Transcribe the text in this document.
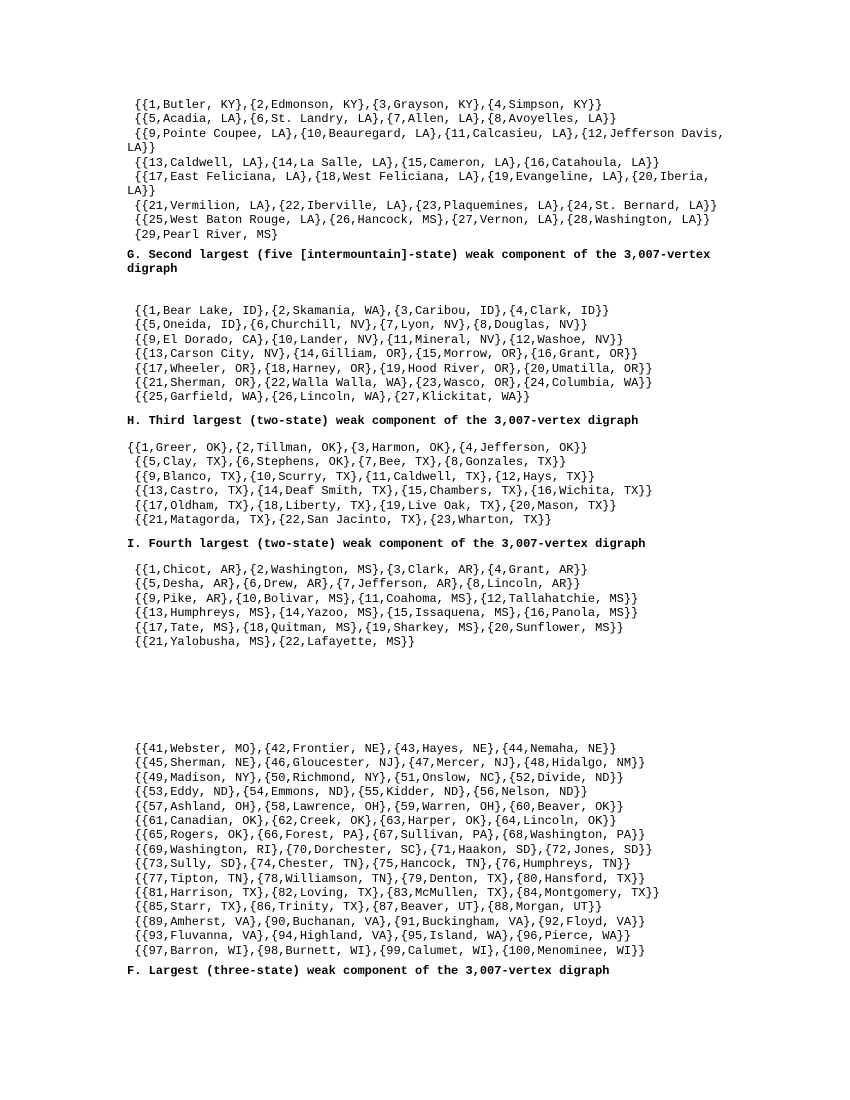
{{1,Butler, KY},{2,Edmonson, KY},{3,Grayson, KY},{4,Simpson, KY}}
{{5,Acadia, LA},{6,St. Landry, LA},{7,Allen, LA},{8,Avoyelles, LA}}
{{9,Pointe Coupee, LA},{10,Beauregard, LA},{11,Calcasieu, LA},{12,Jefferson Davis,
LA}}
{{13,Caldwell, LA},{14,La Salle, LA},{15,Cameron, LA},{16,Catahoula, LA}}
{{17,East Feliciana, LA},{18,West Feliciana, LA},{19,Evangeline, LA},{20,Iberia,
LA}}
{{21,Vermilion, LA},{22,Iberville, LA},{23,Plaquemines, LA},{24,St. Bernard, LA}}
{{25,West Baton Rouge, LA},{26,Hancock, MS},{27,Vernon, LA},{28,Washington, LA}}
{29,Pearl River, MS}
G. Second largest (five [intermountain]-state) weak component of the 3,007-vertex
digraph
{{1,Bear Lake, ID},{2,Skamania, WA},{3,Caribou, ID},{4,Clark, ID}}
{{5,Oneida, ID},{6,Churchill, NV},{7,Lyon, NV},{8,Douglas, NV}}
{{9,El Dorado, CA},{10,Lander, NV},{11,Mineral, NV},{12,Washoe, NV}}
{{13,Carson City, NV},{14,Gilliam, OR},{15,Morrow, OR},{16,Grant, OR}}
{{17,Wheeler, OR},{18,Harney, OR},{19,Hood River, OR},{20,Umatilla, OR}}
{{21,Sherman, OR},{22,Walla Walla, WA},{23,Wasco, OR},{24,Columbia, WA}}
{{25,Garfield, WA},{26,Lincoln, WA},{27,Klickitat, WA}}
H. Third largest (two-state) weak component of the 3,007-vertex digraph
{{1,Greer, OK},{2,Tillman, OK},{3,Harmon, OK},{4,Jefferson, OK}}
{{5,Clay, TX},{6,Stephens, OK},{7,Bee, TX},{8,Gonzales, TX}}
{{9,Blanco, TX},{10,Scurry, TX},{11,Caldwell, TX},{12,Hays, TX}}
{{13,Castro, TX},{14,Deaf Smith, TX},{15,Chambers, TX},{16,Wichita, TX}}
{{17,Oldham, TX},{18,Liberty, TX},{19,Live Oak, TX},{20,Mason, TX}}
{{21,Matagorda, TX},{22,San Jacinto, TX},{23,Wharton, TX}}
I. Fourth largest (two-state) weak component of the 3,007-vertex digraph
{{1,Chicot, AR},{2,Washington, MS},{3,Clark, AR},{4,Grant, AR}}
{{5,Desha, AR},{6,Drew, AR},{7,Jefferson, AR},{8,Lincoln, AR}}
{{9,Pike, AR},{10,Bolivar, MS},{11,Coahoma, MS},{12,Tallahatchie, MS}}
{{13,Humphreys, MS},{14,Yazoo, MS},{15,Issaquena, MS},{16,Panola, MS}}
{{17,Tate, MS},{18,Quitman, MS},{19,Sharkey, MS},{20,Sunflower, MS}}
{{21,Yalobusha, MS},{22,Lafayette, MS}}
{{41,Webster, MO},{42,Frontier, NE},{43,Hayes, NE},{44,Nemaha, NE}}
{{45,Sherman, NE},{46,Gloucester, NJ},{47,Mercer, NJ},{48,Hidalgo, NM}}
{{49,Madison, NY},{50,Richmond, NY},{51,Onslow, NC},{52,Divide, ND}}
{{53,Eddy, ND},{54,Emmons, ND},{55,Kidder, ND},{56,Nelson, ND}}
{{57,Ashland, OH},{58,Lawrence, OH},{59,Warren, OH},{60,Beaver, OK}}
{{61,Canadian, OK},{62,Creek, OK},{63,Harper, OK},{64,Lincoln, OK}}
{{65,Rogers, OK},{66,Forest, PA},{67,Sullivan, PA},{68,Washington, PA}}
{{69,Washington, RI},{70,Dorchester, SC},{71,Haakon, SD},{72,Jones, SD}}
{{73,Sully, SD},{74,Chester, TN},{75,Hancock, TN},{76,Humphreys, TN}}
{{77,Tipton, TN},{78,Williamson, TN},{79,Denton, TX},{80,Hansford, TX}}
{{81,Harrison, TX},{82,Loving, TX},{83,McMullen, TX},{84,Montgomery, TX}}
{{85,Starr, TX},{86,Trinity, TX},{87,Beaver, UT},{88,Morgan, UT}}
{{89,Amherst, VA},{90,Buchanan, VA},{91,Buckingham, VA},{92,Floyd, VA}}
{{93,Fluvanna, VA},{94,Highland, VA},{95,Island, WA},{96,Pierce, WA}}
{{97,Barron, WI},{98,Burnett, WI},{99,Calumet, WI},{100,Menominee, WI}}
F. Largest (three-state) weak component of the 3,007-vertex digraph
